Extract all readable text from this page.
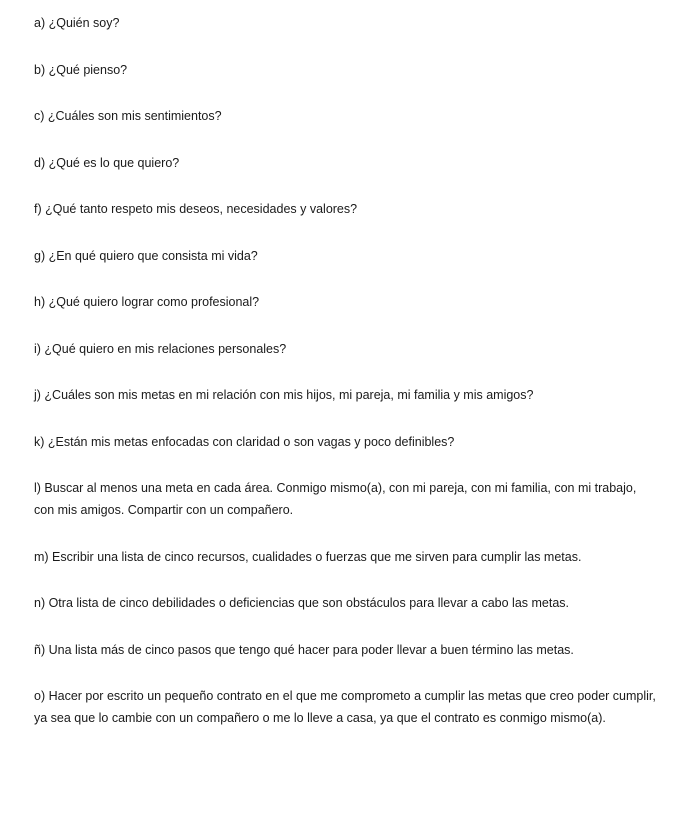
a) ¿Quién soy?

b) ¿Qué pienso?

c) ¿Cuáles son mis sentimientos?

d) ¿Qué es lo que quiero?

f) ¿Qué tanto respeto mis deseos, necesidades y valores?

g) ¿En qué quiero que consista mi vida?

h) ¿Qué quiero lograr como profesional?

i) ¿Qué quiero en mis relaciones personales?

j) ¿Cuáles son mis metas en mi relación con mis hijos, mi pareja, mi familia y mis amigos?

k) ¿Están mis metas enfocadas con claridad o son vagas y poco definibles?

l) Buscar al menos una meta en cada área. Conmigo mismo(a), con mi pareja, con mi familia, con mi trabajo, con mis amigos. Compartir con un compañero.

m) Escribir una lista de cinco recursos, cualidades o fuerzas que me sirven para cumplir las metas.

n) Otra lista de cinco debilidades o deficiencias que son obstáculos para llevar a cabo las metas.

ñ) Una lista más de cinco pasos que tengo qué hacer para poder llevar a buen término las metas.

o) Hacer por escrito un pequeño contrato en el que me comprometo a cumplir las metas que creo poder cumplir, ya sea que lo cambie con un compañero o me lo lleve a casa, ya que el contrato es conmigo mismo(a).
